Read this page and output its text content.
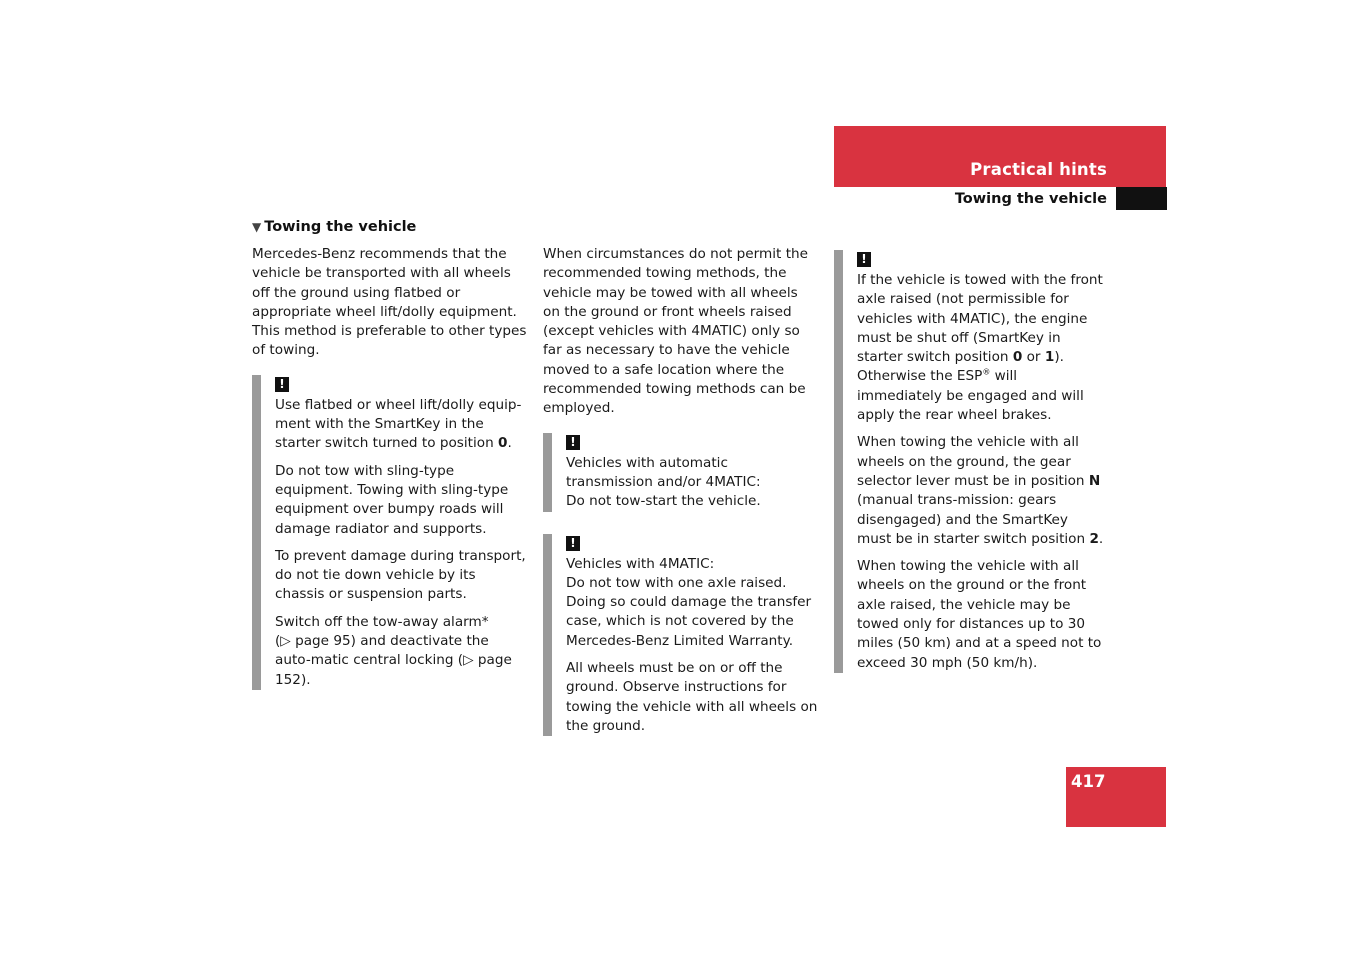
Practical hints
Towing the vehicle
▼ Towing the vehicle

Mercedes-Benz recommends that the vehicle be transported with all wheels off the ground using flatbed or appropriate wheel lift/dolly equipment. This method is preferable to other types of towing.

!

Use flatbed or wheel lift/dolly equip-ment with the SmartKey in the starter switch turned to position 0.

Do not tow with sling-type equipment. Towing with sling-type equipment over bumpy roads will damage radiator and supports.

To prevent damage during transport, do not tie down vehicle by its chassis or suspension parts.

Switch off the tow-away alarm*
(▷ page 95) and deactivate the auto-matic central locking (▷ page 152).

When circumstances do not permit the recommended towing methods, the vehicle may be towed with all wheels on the ground or front wheels raised (except vehicles with 4MATIC) only so far as necessary to have the vehicle moved to a safe location where the recommended towing methods can be employed.

!

Vehicles with automatic transmission and/or 4MATIC:
Do not tow-start the vehicle.

!

Vehicles with 4MATIC:
Do not tow with one axle raised. Doing so could damage the transfer case, which is not covered by the Mercedes-Benz Limited Warranty.

All wheels must be on or off the ground. Observe instructions for towing the vehicle with all wheels on the ground.

!

If the vehicle is towed with the front axle raised (not permissible for vehicles with 4MATIC), the engine must be shut off (SmartKey in starter switch position 0 or 1). Otherwise the ESP® will immediately be engaged and will apply the rear wheel brakes.

When towing the vehicle with all wheels on the ground, the gear selector lever must be in position N (manual trans-mission: gears disengaged) and the SmartKey must be in starter switch position 2.

When towing the vehicle with all wheels on the ground or the front axle raised, the vehicle may be towed only for distances up to 30 miles (50 km) and at a speed not to exceed 30 mph (50 km/h).

417
